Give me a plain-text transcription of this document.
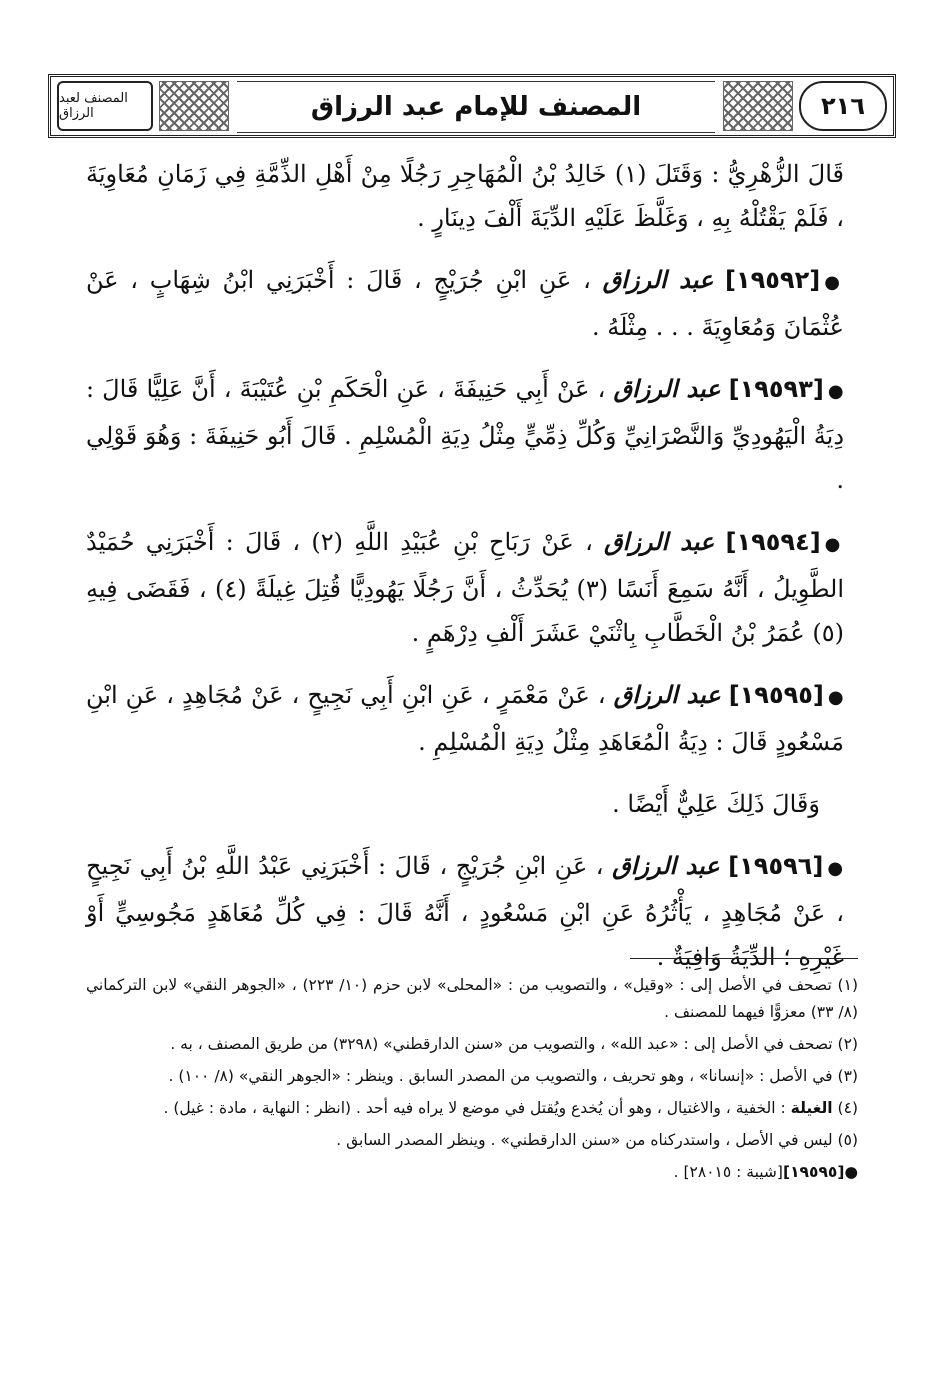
المصنف لعبد الرزاق	المصنف للإمام عبد الرزاق	٢١٦

قَالَ الزُّهْرِيُّ : وَقَتَلَ (١) خَالِدُ بْنُ الْمُهَاجِرِ رَجُلًا مِنْ أَهْلِ الذِّمَّةِ فِي زَمَانِ مُعَاوِيَةَ ، فَلَمْ يَقْتُلْهُ بِهِ ، وَغَلَّظَ عَلَيْهِ الدِّيَةَ أَلْفَ دِينَارٍ .

●[١٩٥٩٢] عبد الرزاق ، عَنِ ابْنِ جُرَيْجٍ ، قَالَ : أَخْبَرَنِي ابْنُ شِهَابٍ ، عَنْ عُثْمَانَ وَمُعَاوِيَةَ . . . مِثْلَهُ .

●[١٩٥٩٣] عبد الرزاق ، عَنْ أَبِي حَنِيفَةَ ، عَنِ الْحَكَمِ بْنِ عُتَيْبَةَ ، أَنَّ عَلِيًّا قَالَ : دِيَةُ الْيَهُودِيِّ وَالنَّصْرَانِيِّ وَكُلِّ ذِمِّيٍّ مِثْلُ دِيَةِ الْمُسْلِمِ . قَالَ أَبُو حَنِيفَةَ : وَهُوَ قَوْلِي .

●[١٩٥٩٤] عبد الرزاق ، عَنْ رَبَاحِ بْنِ عُبَيْدِ اللَّهِ (٢) ، قَالَ : أَخْبَرَنِي حُمَيْدٌ الطَّوِيلُ ، أَنَّهُ سَمِعَ أَنَسًا (٣) يُحَدِّثُ ، أَنَّ رَجُلًا يَهُودِيًّا قُتِلَ غِيلَةً (٤) ، فَقَضَى فِيهِ (٥) عُمَرُ بْنُ الْخَطَّابِ بِاثْنَيْ عَشَرَ أَلْفِ دِرْهَمٍ .

●[١٩٥٩٥] عبد الرزاق ، عَنْ مَعْمَرٍ ، عَنِ ابْنِ أَبِي نَجِيحٍ ، عَنْ مُجَاهِدٍ ، عَنِ ابْنِ مَسْعُودٍ قَالَ : دِيَةُ الْمُعَاهَدِ مِثْلُ دِيَةِ الْمُسْلِمِ .

وَقَالَ ذَلِكَ عَلِيٌّ أَيْضًا .

●[١٩٥٩٦] عبد الرزاق ، عَنِ ابْنِ جُرَيْجٍ ، قَالَ : أَخْبَرَنِي عَبْدُ اللَّهِ بْنُ أَبِي نَجِيحٍ ، عَنْ مُجَاهِدٍ ، يَأْثُرُهُ عَنِ ابْنِ مَسْعُودٍ ، أَنَّهُ قَالَ : فِي كُلِّ مُعَاهَدٍ مَجُوسِيٍّ أَوْ غَيْرِهِ ؛ الدِّيَةُ وَافِيَةٌ .

(١) تصحف في الأصل إلى : «وقيل» ، والتصويب من : «المحلى» لابن حزم (١٠/ ٢٢٣) ، «الجوهر النقي» لابن التركماني (٨/ ٣٣) معزوًّا فيهما للمصنف .

(٢) تصحف في الأصل إلى : «عبد الله» ، والتصويب من «سنن الدارقطني» (٣٢٩٨) من طريق المصنف ، به .

(٣) في الأصل : «إنسانا» ، وهو تحريف ، والتصويب من المصدر السابق . وينظر : «الجوهر النقي» (٨/ ١٠٠) .

(٤) الغيلة : الخفية ، والاغتيال ، وهو أن يُخدع ويُقتل في موضع لا يراه فيه أحد . (انظر : النهاية ، مادة : غيل) .

(٥) ليس في الأصل ، واستدركناه من «سنن الدارقطني» . وينظر المصدر السابق .

●[١٩٥٩٥][شيبة : ٢٨٠١٥] .
